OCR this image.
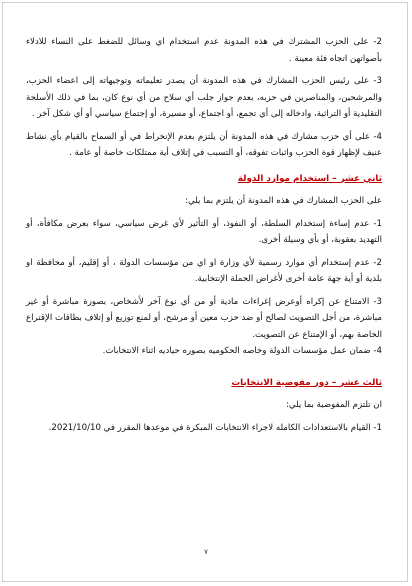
2- على الحزب المشترك في هذه المدونة عدم استخدام اي وسائل للضغط على النساء للادلاء بأصواتهن اتجاه فئة معينة .

3- على رئيس الحزب المشارك في هذه المدونة أن يصدر تعليماته وتوجيهاته إلى اعضاء الحزب، والمرشحين، والمناصرين في حزبه، بعدم جواز جلب أي سلاح من أي نوع كان، بما في ذلك الأسلحة التقليدية أو التراثية، وادخاله إلى أي تجمع، أو اجتماع، أو مسيرة، أو إجتماع سياسي أو أي شكل آخر .

4- على أي حزب مشارك في هذه المدونة أن يلتزم بعدم الإنخراط في أو السماح بالقيام بأي نشاط عنيف لإظهار قوة الحزب واثبات تفوقه، أو التسبب في إتلاف أية ممتلكات خاصة أو عامة .

ثاني عشر – استخدام موارد الدولة

على الحزب المشارك في هذه المدونة أن يلتزم بما يلي:

1- عدم إساءة إستخدام السلطة، أو النفوذ، أو التأثير لأي غرض سياسي، سواء بعرض مكافأة، أو التهديد بعقوبة، أو بأي وسيلة أخرى.

2- عدم إستخدام أي موارد رسمية لأي وزارة او اي من مؤسسات الدولة ، أو إقليم، أو محافظة او بلدية أو أية جهة عامة أخرى لأغراض الحملة الإنتخابية.

3- الامتناع عن إكراه أوعرض إغراءات مادية أو من أي نوع آخر لأشخاص، بصورة مباشرة أو غير مباشرة، من أجل التصويت لصالح أو ضد حزب معين أو مرشح، أو لمنع توزيع أو إتلاف بطاقات الإقتراع الخاصة بهم، أو الإمتناع عن التصويت.

4- ضمان عمل مؤسسات الدولة وخاصه الحكوميه بصوره حياديه اثناء الانتخابات.

ثالث عشر – دور مفوضية الانتخابات

ان تلتزم المفوضية بما يلي:

1- القيام بالاستعدادات الكامله لاجراء الانتخابات المبكرة في موعدها المقرر في 2021/10/10.

٧
